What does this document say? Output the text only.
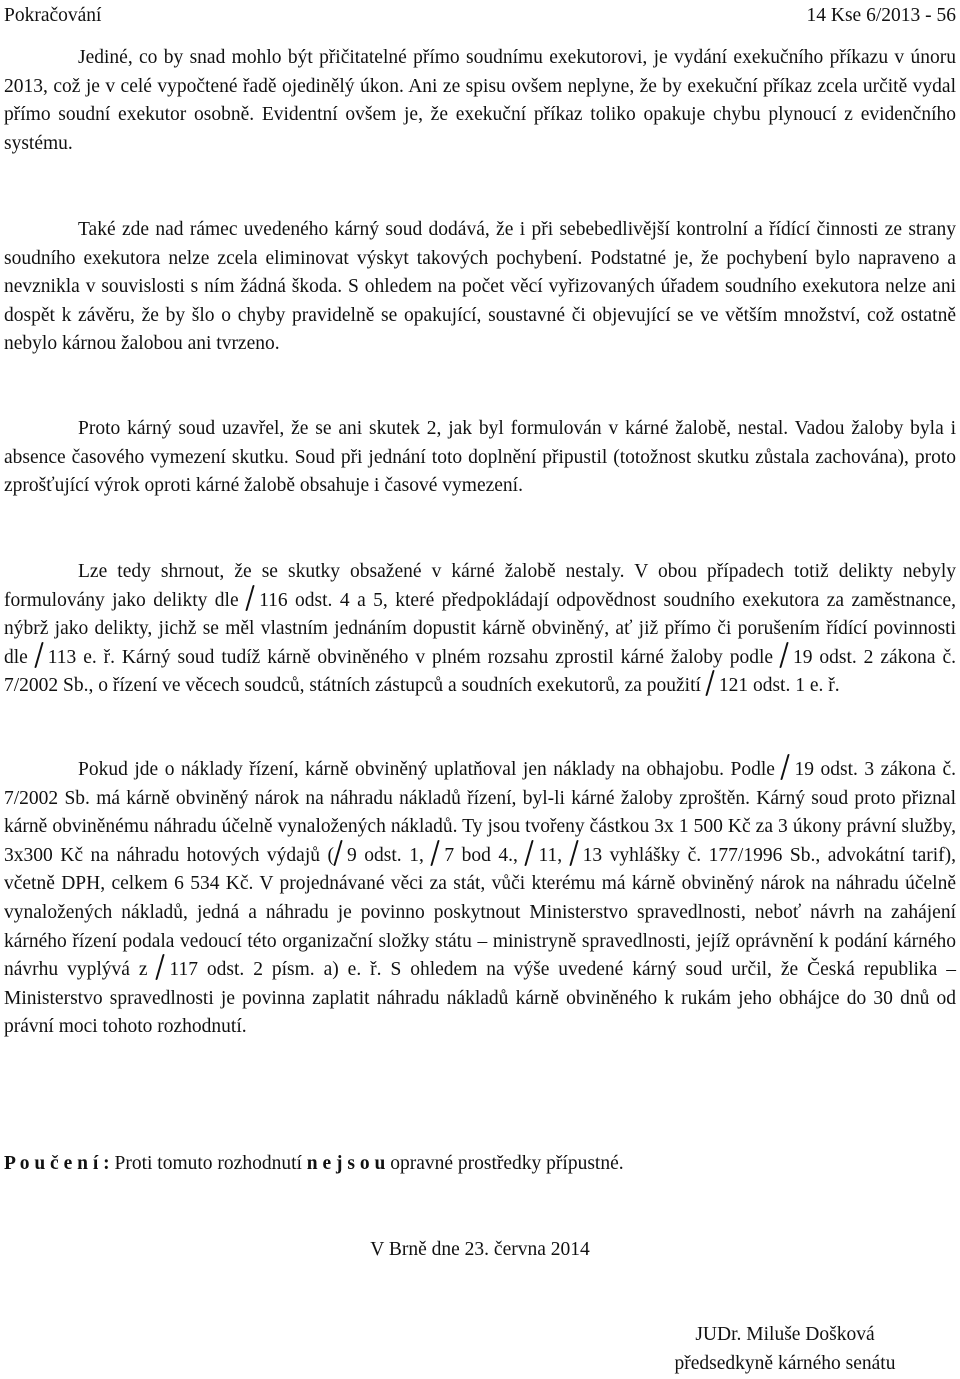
Pokračování	14 Kse 6/2013 - 56

Jediné, co by snad mohlo být přičitatelné přímo soudnímu exekutorovi, je vydání exekučního příkazu v únoru 2013, což je v celé vypočtené řadě ojedinělý úkon. Ani ze spisu ovšem neplyne, že by exekuční příkaz zcela určitě vydal přímo soudní exekutor osobně. Evidentní ovšem je, že exekuční příkaz toliko opakuje chybu plynoucí z evidenčního systému.

Také zde nad rámec uvedeného kárný soud dodává, že i při sebebedlivější kontrolní a řídící činnosti ze strany soudního exekutora nelze zcela eliminovat výskyt takových pochybení. Podstatné je, že pochybení bylo napraveno a nevznikla v souvislosti s ním žádná škoda. S ohledem na počet věcí vyřizovaných úřadem soudního exekutora nelze ani dospět k závěru, že by šlo o chyby pravidelně se opakující, soustavné či objevující se ve větším množství, což ostatně nebylo kárnou žalobou ani tvrzeno.

Proto kárný soud uzavřel, že se ani skutek 2, jak byl formulován v kárné žalobě, nestal. Vadou žaloby byla i absence časového vymezení skutku. Soud při jednání toto doplnění připustil (totožnost skutku zůstala zachována), proto zprošťující výrok oproti kárné žalobě obsahuje i časové vymezení.

Lze tedy shrnout, že se skutky obsažené v kárné žalobě nestaly. V obou případech totiž delikty nebyly formulovány jako delikty dle 116 odst. 4 a 5, které předpokládají odpovědnost soudního exekutora za zaměstnance, nýbrž jako delikty, jichž se měl vlastním jednáním dopustit kárně obviněný, ať již přímo či porušením řídící povinnosti dle 113 e. ř. Kárný soud tudíž kárně obviněného v plném rozsahu zprostil kárné žaloby podle 19 odst. 2 zákona č. 7/2002 Sb., o řízení ve věcech soudců, státních zástupců a soudních exekutorů, za použití 121 odst. 1 e. ř.

Pokud jde o náklady řízení, kárně obviněný uplatňoval jen náklady na obhajobu. Podle 19 odst. 3 zákona č. 7/2002 Sb. má kárně obviněný nárok na náhradu nákladů řízení, byl-li kárné žaloby zproštěn. Kárný soud proto přiznal kárně obviněnému náhradu účelně vynaložených nákladů. Ty jsou tvořeny částkou 3x 1 500 Kč za 3 úkony právní služby, 3x300 Kč na náhradu hotových výdajů ( 9 odst. 1, 7 bod 4., 11, 13 vyhlášky č. 177/1996 Sb., advokátní tarif), včetně DPH, celkem 6 534 Kč. V projednávané věci za stát, vůči kterému má kárně obviněný nárok na náhradu účelně vynaložených nákladů, jedná a náhradu je povinno poskytnout Ministerstvo spravedlnosti, neboť návrh na zahájení kárného řízení podala vedoucí této organizační složky státu – ministryně spravedlnosti, jejíž oprávnění k podání kárného návrhu vyplývá z 117 odst. 2 písm. a) e. ř. S ohledem na výše uvedené kárný soud určil, že Česká republika – Ministerstvo spravedlnosti je povinna zaplatit náhradu nákladů kárně obviněného k rukám jeho obhájce do 30 dnů od právní moci tohoto rozhodnutí.

P o u č e n í : Proti tomuto rozhodnutí n e j s o u opravné prostředky přípustné.
V Brně dne 23. června 2014
JUDr. Miluše Došková
předsedkyně kárného senátu
